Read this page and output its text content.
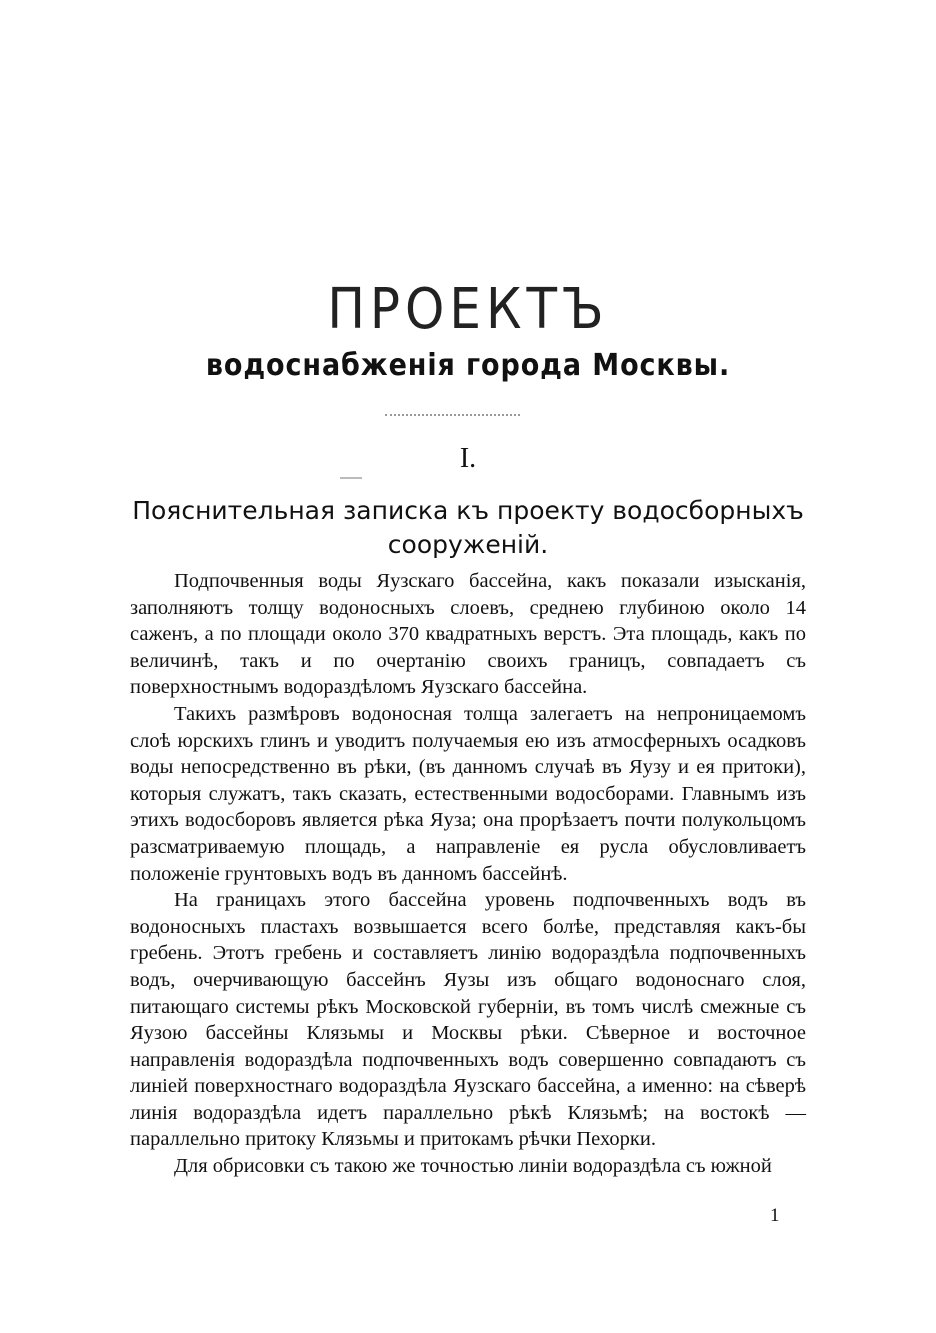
ПРОЕКТЪ
водоснабженія города Москвы.
I.
Пояснительная записка къ проекту водосборныхъ
сооруженій.

Подпочвенныя воды Яузскаго бассейна, какъ показали изысканія, заполняютъ толщу водоносныхъ слоевъ, среднею глубиною около 14 саженъ, а по площади около 370 квадратныхъ верстъ. Эта площадь, какъ по величинѣ, такъ и по очертанію своихъ границъ, совпадаетъ съ поверхностнымъ водораздѣломъ Яузскаго бассейна.

Такихъ размѣровъ водоносная толща залегаетъ на непроницаемомъ слоѣ юрскихъ глинъ и уводитъ получаемыя ею изъ атмосферныхъ осадковъ воды непосредственно въ рѣки, (въ данномъ случаѣ въ Яузу и ея притоки), которыя служатъ, такъ сказать, естественными водосборами. Главнымъ изъ этихъ водосборовъ является рѣка Яуза; она прорѣзаетъ почти полукольцомъ разсматриваемую площадь, а направленіе ея русла обусловливаетъ положеніе грунтовыхъ водъ въ данномъ бассейнѣ.

На границахъ этого бассейна уровень подпочвенныхъ водъ въ водоносныхъ пластахъ возвышается всего болѣе, представляя какъ-бы гребень. Этотъ гребень и составляетъ линію водораздѣла подпочвенныхъ водъ, очерчивающую бассейнъ Яузы изъ общаго водоноснаго слоя, питающаго системы рѣкъ Московской губерніи, въ томъ числѣ смежные съ Яузою бассейны Клязьмы и Москвы рѣки. Сѣверное и восточное направленія водораздѣла подпочвенныхъ водъ совершенно совпадаютъ съ линіей поверхностнаго водораздѣла Яузскаго бассейна, а именно: на сѣверѣ линія водораздѣла идетъ параллельно рѣкѣ Клязьмѣ; на востокѣ — параллельно притоку Клязьмы и притокамъ рѣчки Пехорки.

Для обрисовки съ такою же точностью линіи водораздѣла съ южной

1
